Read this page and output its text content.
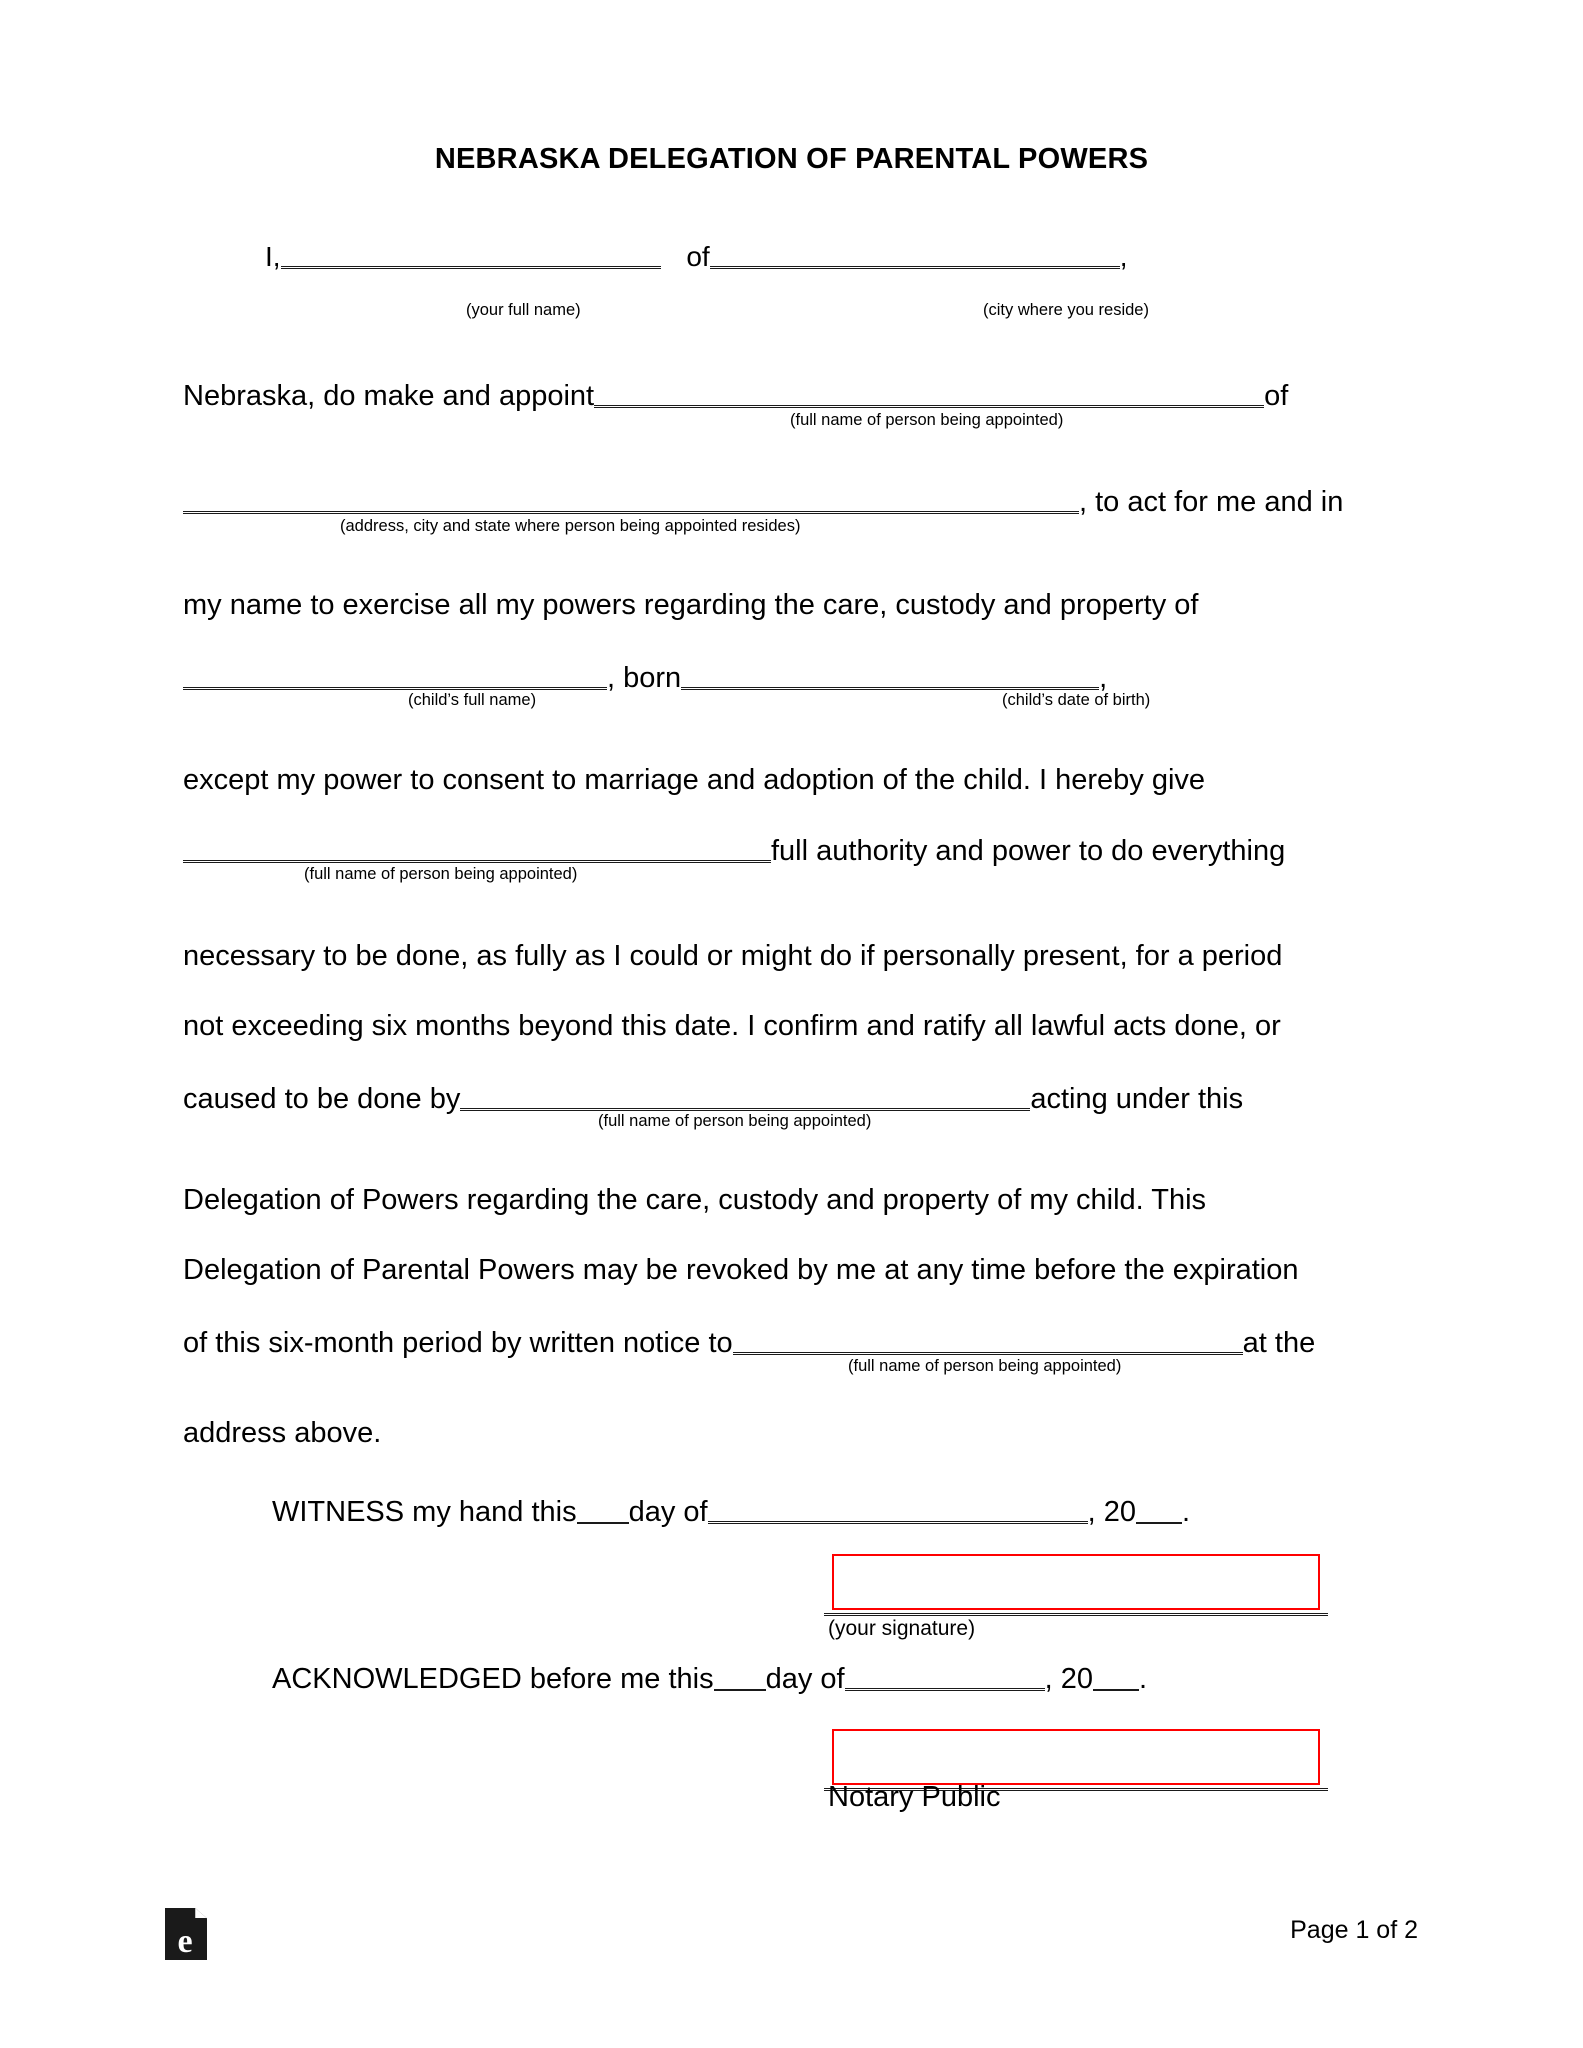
NEBRASKA DELEGATION OF PARENTAL POWERS
I,	of	,
(your full name)	(city where you reside)
Nebraska, do make and appoint	of
(full name of person being appointed)
, to act for me and in
(address, city and state where person being appointed resides)
my name to exercise all my powers regarding the care, custody and property of
, born	,
(child’s full name)	(child’s date of birth)
except my power to consent to marriage and adoption of the child. I hereby give
full authority and power to do everything
(full name of person being appointed)
necessary to be done, as fully as I could or might do if personally present, for a period
not exceeding six months beyond this date. I confirm and ratify all lawful acts done, or
caused to be done by	acting under this
(full name of person being appointed)
Delegation of Powers regarding the care, custody and property of my child. This
Delegation of Parental Powers may be revoked by me at any time before the expiration
of this six-month period by written notice to	at the
(full name of person being appointed)
address above.
WITNESS my hand this day of	, 20 .
(your signature)
ACKNOWLEDGED before me this day of	, 20 .
Notary Public
e	Page 1 of 2
